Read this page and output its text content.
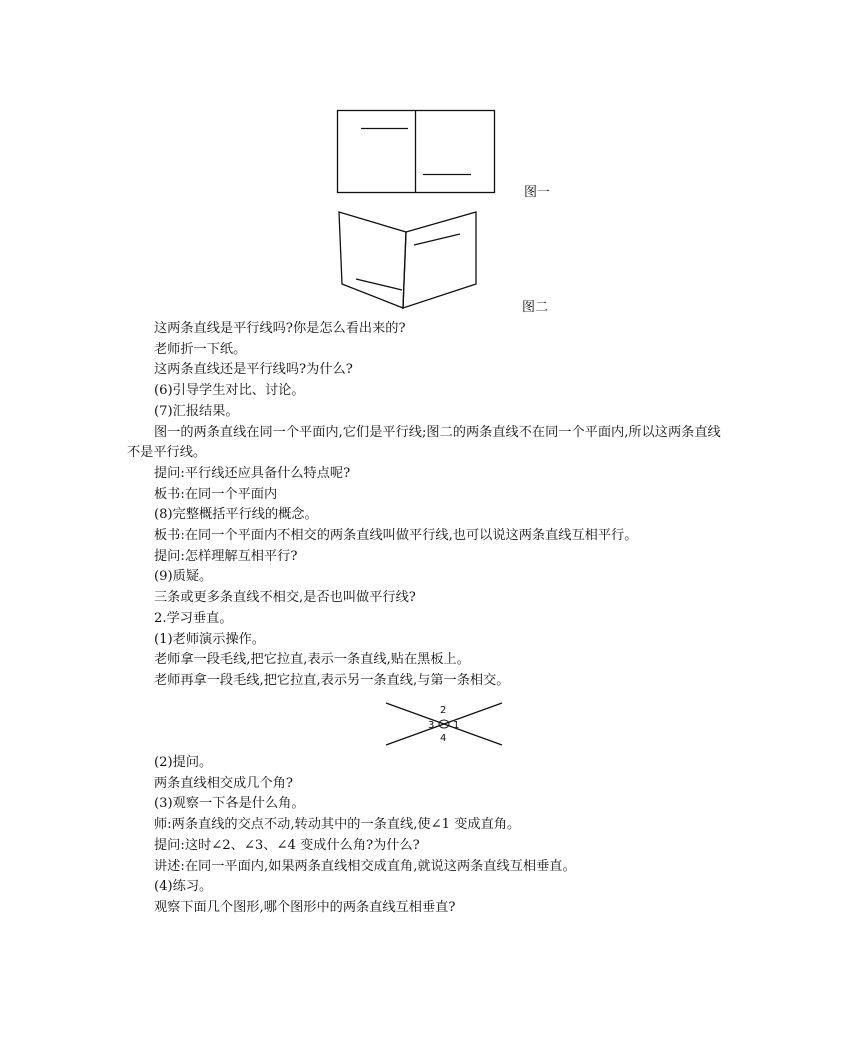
图一
图二

这两条直线是平行线吗?你是怎么看出来的?

老师折一下纸。

这两条直线还是平行线吗?为什么?

(6)引导学生对比、讨论。

(7)汇报结果。

图一的两条直线在同一个平面内,它们是平行线;图二的两条直线不在同一个平面内,所以这两条直线不是平行线。

提问:平行线还应具备什么特点呢?

板书:在同一个平面内

(8)完整概括平行线的概念。

板书:在同一个平面内不相交的两条直线叫做平行线,也可以说这两条直线互相平行。

提问:怎样理解互相平行?

(9)质疑。

三条或更多条直线不相交,是否也叫做平行线?

2.学习垂直。

(1)老师演示操作。

老师拿一段毛线,把它拉直,表示一条直线,贴在黑板上。

老师再拿一段毛线,把它拉直,表示另一条直线,与第一条相交。

1
2
3
4

(2)提问。

两条直线相交成几个角?

(3)观察一下各是什么角。

师:两条直线的交点不动,转动其中的一条直线,使∠1 变成直角。

提问:这时∠2、∠3、∠4 变成什么角?为什么?

讲述:在同一平面内,如果两条直线相交成直角,就说这两条直线互相垂直。

(4)练习。

观察下面几个图形,哪个图形中的两条直线互相垂直?
